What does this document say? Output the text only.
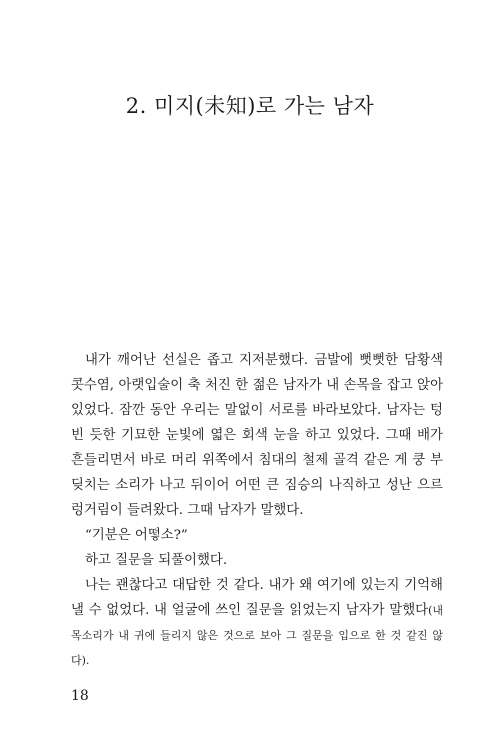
2. 미지(未知)로 가는 남자

내가 깨어난 선실은 좁고 지저분했다. 금발에 뻣뻣한 담황색 콧수염, 아랫입술이 축 처진 한 젊은 남자가 내 손목을 잡고 앉아 있었다. 잠깐 동안 우리는 말없이 서로를 바라보았다. 남자는 텅 빈 듯한 기묘한 눈빛에 엷은 회색 눈을 하고 있었다. 그때 배가 흔들리면서 바로 머리 위쪽에서 침대의 철제 골격 같은 게 쿵 부딪치는 소리가 나고 뒤이어 어떤 큰 짐승의 나직하고 성난 으르렁거림이 들려왔다. 그때 남자가 말했다.

“기분은 어떻소?”

하고 질문을 되풀이했다.

나는 괜찮다고 대답한 것 같다. 내가 왜 여기에 있는지 기억해낼 수 없었다. 내 얼굴에 쓰인 질문을 읽었는지 남자가 말했다(내 목소리가 내 귀에 들리지 않은 것으로 보아 그 질문을 입으로 한 것 같진 않다).

18
